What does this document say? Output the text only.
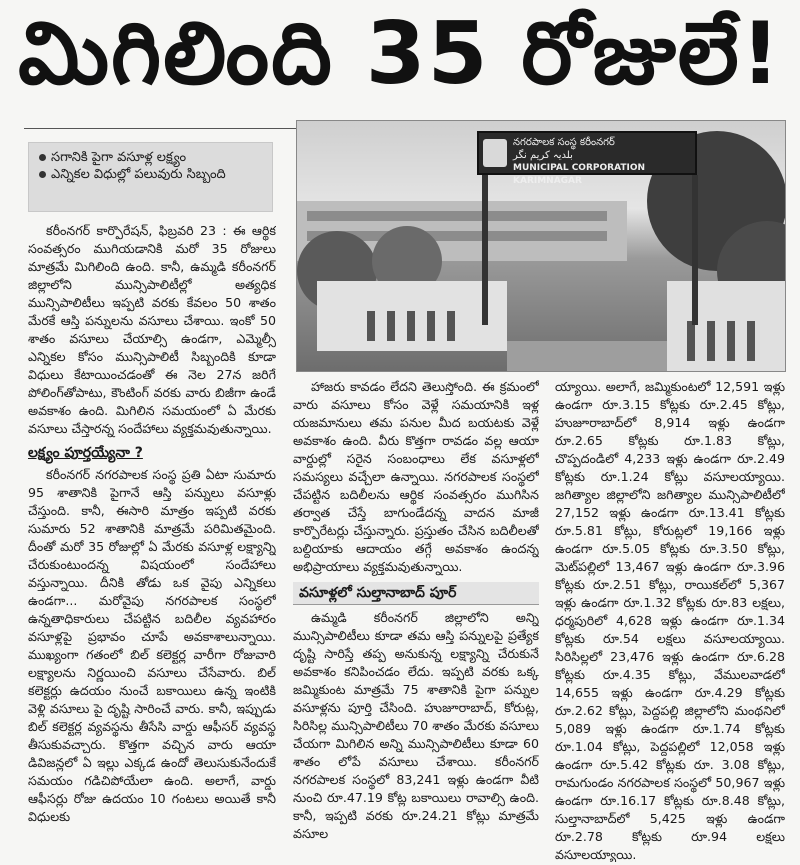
మిగిలింది 35 రోజులే!
సగానికి పైగా వసూళ్ల లక్ష్యం
ఎన్నికల విధుల్లో పలువురు సిబ్బంది
నగరపాలక సంస్థ కరీంనగర్
بلدیہ کریم نگر
MUNICIPAL CORPORATION KARIMNAGAR

కరీంనగర్ కార్పొరేషన్, ఫిబ్రవరి 23 : ఈ ఆర్థిక సంవత్సరం ముగియడానికి మరో 35 రోజులు మాత్రమే మిగిలింది ఉంది. కానీ, ఉమ్మడి కరీంనగర్ జిల్లాలోని మున్సిపాలిటీల్లో అత్యధిక మున్సిపాలిటీలు ఇప్పటి వరకు కేవలం 50 శాతం మేరకే ఆస్తి పన్నులను వసూలు చేశాయి. ఇంకో 50 శాతం వసూలు చేయాల్సి ఉండగా, ఎమ్మెల్సీ ఎన్నికల కోసం మున్సిపాలిటీ సిబ్బందికి కూడా విధులు కేటాయించడంతో ఈ నెల 27న జరిగే పోలింగ్‌తోపాటు, కౌంటింగ్ వరకు వారు బిజీగా ఉండే అవకాశం ఉంది. మిగిలిన సమయంలో ఏ మేరకు వసూలు చేస్తారన్న సందేహాలు వ్యక్తమవుతున్నాయి.

లక్ష్యం పూర్తయ్యేనా ?

కరీంనగర్ నగరపాలక సంస్థ ప్రతి ఏటా సుమారు 95 శాతానికి పైగానే ఆస్తి పన్నులు వసూళ్లు చేస్తుంది. కానీ, ఈసారి మాత్రం ఇప్పటి వరకు సుమారు 52 శాతానికి మాత్రమే పరిమితమైంది. దీంతో మరో 35 రోజుల్లో ఏ మేరకు వసూళ్ల లక్ష్యాన్ని చేరుకుంటుందన్న విషయంలో సందేహాలు వస్తున్నాయి. దీనికి తోడు ఒక వైపు ఎన్నికలు ఉండగా... మరోవైపు నగరపాలక సంస్థలో ఉన్నతాధికారులు చేపట్టిన బదిలీల వ్యవహారం వసూళ్లపై ప్రభావం చూపే అవకాశాలున్నాయి. ముఖ్యంగా గతంలో బిల్ కలెక్టర్ల వారీగా రోజువారి లక్ష్యాలను నిర్ణయించి వసూలు చేసేవారు. బిల్ కలెక్టర్లు ఉదయం నుంచే బకాయిలు ఉన్న ఇంటికి వెళ్లి వసూలు పై దృష్టి సారించే వారు. కానీ, ఇప్పుడు బిల్ కలెక్టర్ల వ్యవస్థను తీసేసి వార్డు ఆఫీసర్ వ్యవస్థ తీసుకువచ్చారు. కొత్తగా వచ్చిన వారు ఆయా డివిజన్లలో ఏ ఇల్లు ఎక్కడ ఉందో తెలుసుకునేందుకే సమయం గడిచిపోయేలా ఉంది. అలాగే, వార్డు ఆఫీసర్లు రోజు ఉదయం 10 గంటలు అయితే కానీ విధులకు

హాజరు కావడం లేదని తెలుస్తోంది. ఈ క్రమంలో వారు వసూలు కోసం వెళ్లే సమయానికి ఇళ్ల యజమానులు తమ పనుల మీద బయటకు వెళ్లే అవకాశం ఉంది. వీరు కొత్తగా రావడం వల్ల ఆయా వార్డుల్లో సరైన సంబంధాలు లేక వసూళ్లలో సమస్యలు వచ్చేలా ఉన్నాయి. నగరపాలక సంస్థలో చేపట్టిన బదిలీలను ఆర్థిక సంవత్సరం ముగిసిన తర్వాత చేస్తే బాగుండేదన్న వాదన మాజీ కార్పొరేటర్లు చేస్తున్నారు. ప్రస్తుతం చేసిన బదిలీలతో బల్దియాకు ఆదాయం తగ్గే అవకాశం ఉందన్న అభిప్రాయాలు వ్యక్తమవుతున్నాయి.

వసూళ్లలో సుల్తానాబాద్ పూర్

ఉమ్మడి కరీంనగర్ జిల్లాలోని అన్ని మున్సిపాలిటీలు కూడా తమ ఆస్తి పన్నులపై ప్రత్యేక దృష్టి సారిస్తే తప్ప అనుకున్న లక్ష్యాన్ని చేరుకునే అవకాశం కనిపించడం లేదు. ఇప్పటి వరకు ఒక్క జమ్మికుంట మాత్రమే 75 శాతానికి పైగా పన్నుల వసూళ్లను పూర్తి చేసింది. హుజూరాబాద్, కోరుట్ల, సిరిసిల్ల మున్సిపాలిటీలు 70 శాతం మేరకు వసూలు చేయగా మిగిలిన అన్ని మున్సిపాలిటీలు కూడా 60 శాతం లోపే వసూలు చేశాయి. కరీంనగర్ నగరపాలక సంస్థలో 83,241 ఇళ్లు ఉండగా వీటి నుంచి రూ.47.19 కోట్ల బకాయిలు రావాల్సి ఉంది. కానీ, ఇప్పటి వరకు రూ.24.21 కోట్లు మాత్రమే వసూల

య్యాయి. అలాగే, జమ్మికుంటలో 12,591 ఇళ్లు ఉండగా రూ.3.15 కోట్లకు రూ.2.45 కోట్లు, హుజూరాబాద్‌లో 8,914 ఇళ్లు ఉండగా రూ.2.65 కోట్లకు రూ.1.83 కోట్లు, చొప్పదండిలో 4,233 ఇళ్లు ఉండగా రూ.2.49 కోట్లకు రూ.1.24 కోట్లు వసూలయ్యాయి. జగిత్యాల జిల్లాలోని జగిత్యాల మున్సిపాలిటీలో 27,152 ఇళ్లు ఉండగా రూ.13.41 కోట్లకు రూ.5.81 కోట్లు, కోరుట్లలో 19,166 ఇళ్లు ఉండగా రూ.5.05 కోట్లకు రూ.3.50 కోట్లు, మెట్‌పల్లిలో 13,467 ఇళ్లు ఉండగా రూ.3.96 కోట్లకు రూ.2.51 కోట్లు, రాయికల్‌లో 5,367 ఇళ్లు ఉండగా రూ.1.32 కోట్లకు రూ.83 లక్షలు, ధర్మపురిలో 4,628 ఇళ్లు ఉండగా రూ.1.34 కోట్లకు రూ.54 లక్షలు వసూలయ్యాయి. సిరిసిల్లలో 23,476 ఇళ్లు ఉండగా రూ.6.28 కోట్లకు రూ.4.35 కోట్లు, వేములవాడలో 14,655 ఇళ్లు ఉండగా రూ.4.29 కోట్లకు రూ.2.62 కోట్లు, పెద్దపల్లి జిల్లాలోని మంథనిలో 5,089 ఇళ్లు ఉండగా రూ.1.74 కోట్లకు రూ.1.04 కోట్లు, పెద్దపల్లిలో 12,058 ఇళ్లు ఉండగా రూ.5.42 కోట్లకు రూ. 3.08 కోట్లు, రామగుండం నగరపాలక సంస్థలో 50,967 ఇళ్లు ఉండగా రూ.16.17 కోట్లకు రూ.8.48 కోట్లు, సుల్తానాబాద్‌లో 5,425 ఇళ్లు ఉండగా రూ.2.78 కోట్లకు రూ.94 లక్షలు వసూలయ్యాయి.
